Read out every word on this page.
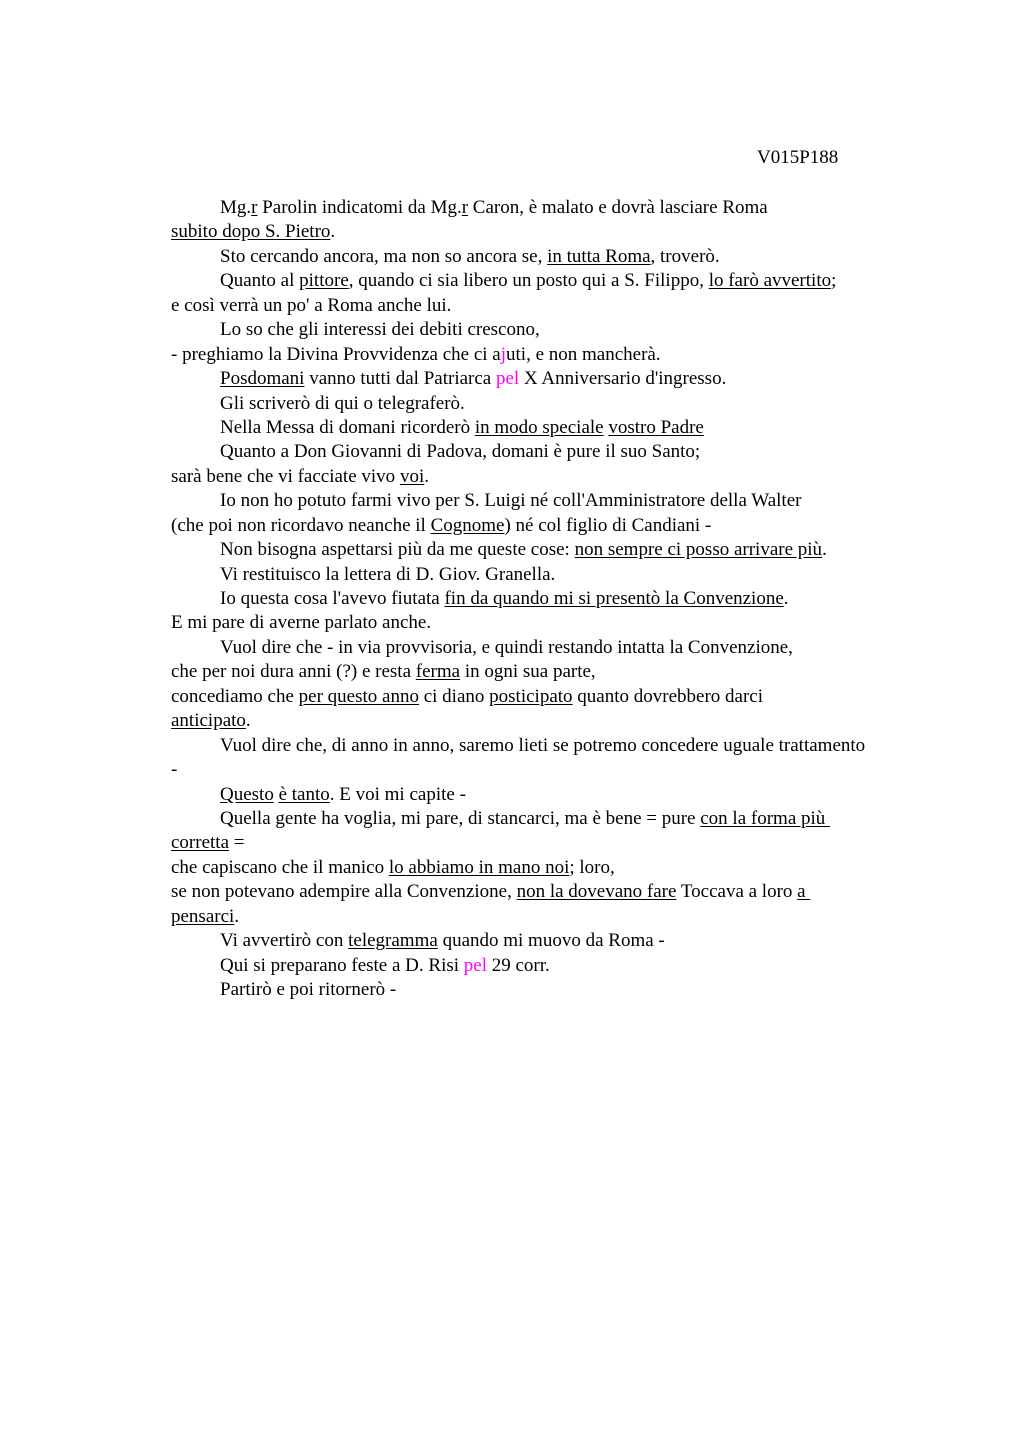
V015P188
Mg.r Parolin indicatomi da Mg.r Caron, è malato e dovrà lasciare Roma
subito dopo S. Pietro.
Sto cercando ancora, ma non so ancora se, in tutta Roma, troverò.
Quanto al pittore, quando ci sia libero un posto qui a S. Filippo, lo farò avvertito;
e così verrà un po' a Roma anche lui.
Lo so che gli interessi dei debiti crescono,
- preghiamo la Divina Provvidenza che ci ajuti, e non mancherà.
Posdomani vanno tutti dal Patriarca pel X Anniversario d'ingresso.
Gli scriverò di qui o telegraferò.
Nella Messa di domani ricorderò in modo speciale vostro Padre
Quanto a Don Giovanni di Padova, domani è pure il suo Santo;
sarà bene che vi facciate vivo voi.
Io non ho potuto farmi vivo per S. Luigi né coll'Amministratore della Walter
(che poi non ricordavo neanche il Cognome) né col figlio di Candiani -
Non bisogna aspettarsi più da me queste cose: non sempre ci posso arrivare più.
Vi restituisco la lettera di D. Giov. Granella.
Io questa cosa l'avevo fiutata fin da quando mi si presentò la Convenzione.
E mi pare di averne parlato anche.
Vuol dire che - in via provvisoria, e quindi restando intatta la Convenzione,
che per noi dura anni (?) e resta ferma in ogni sua parte,
concediamo che per questo anno ci diano posticipato quanto dovrebbero darci
anticipato.
Vuol dire che, di anno in anno, saremo lieti se potremo concedere uguale trattamento
-
Questo è tanto. E voi mi capite -
Quella gente ha voglia, mi pare, di stancarci, ma è bene = pure con la forma più
corretta =
che capiscano che il manico lo abbiamo in mano noi; loro,
se non potevano adempire alla Convenzione, non la dovevano fare Toccava a loro a
pensarci.
Vi avvertirò con telegramma quando mi muovo da Roma -
Qui si preparano feste a D. Risi pel 29 corr.
Partirò e poi ritornerò -
